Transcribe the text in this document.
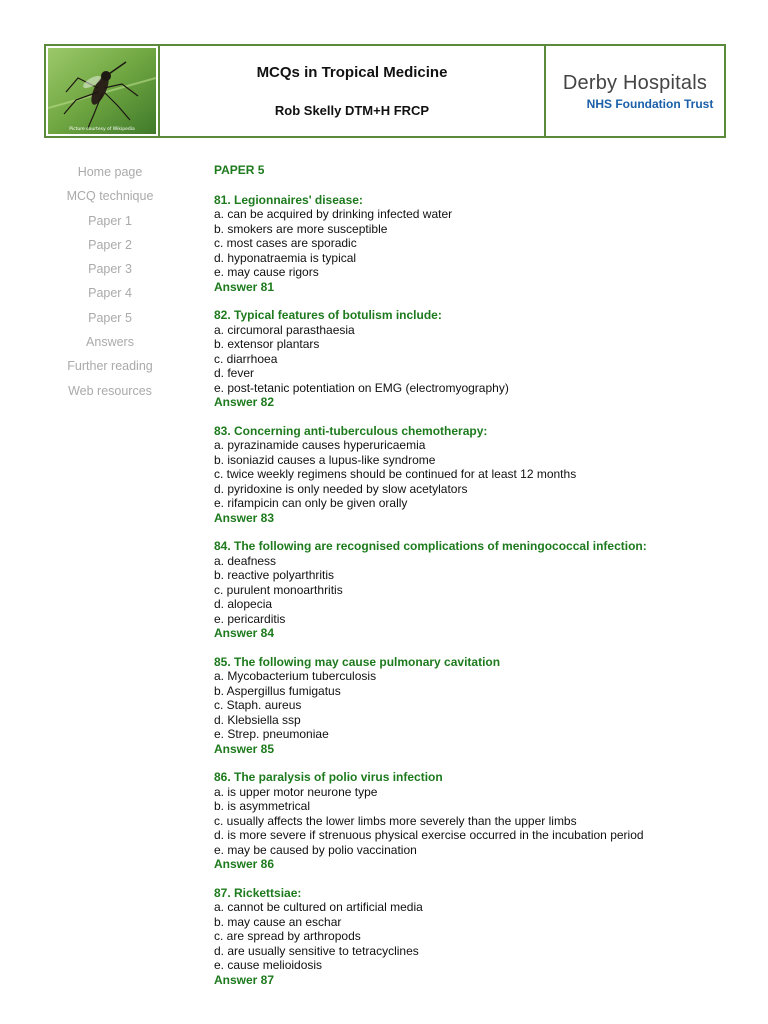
Picture courtesy of Wikipedia
MCQs in Tropical Medicine
Rob Skelly DTM+H FRCP
Derby Hospitals
NHS Foundation Trust
Home page
MCQ technique
Paper 1
Paper 2
Paper 3
Paper 4
Paper 5
Answers
Further reading
Web resources
PAPER 5
81. Legionnaires' disease:
a. can be acquired by drinking infected water
b. smokers are more susceptible
c. most cases are sporadic
d. hyponatraemia is typical
e. may cause rigors
Answer 81
82. Typical features of botulism include:
a. circumoral parasthaesia
b. extensor plantars
c. diarrhoea
d. fever
e. post-tetanic potentiation on EMG (electromyography)
Answer 82
83. Concerning anti-tuberculous chemotherapy:
a. pyrazinamide causes hyperuricaemia
b. isoniazid causes a lupus-like syndrome
c. twice weekly regimens should be continued for at least 12 months
d. pyridoxine is only needed by slow acetylators
e. rifampicin can only be given orally
Answer 83
84. The following are recognised complications of meningococcal infection:
a. deafness
b. reactive polyarthritis
c. purulent monoarthritis
d. alopecia
e. pericarditis
Answer 84
85. The following may cause pulmonary cavitation
a. Mycobacterium tuberculosis
b. Aspergillus fumigatus
c. Staph. aureus
d. Klebsiella ssp
e. Strep. pneumoniae
Answer 85
86. The paralysis of polio virus infection
a. is upper motor neurone type
b. is asymmetrical
c. usually affects the lower limbs more severely than the upper limbs
d. is more severe if strenuous physical exercise occurred in the incubation period
e. may be caused by polio vaccination
Answer 86
87. Rickettsiae:
a. cannot be cultured on artificial media
b. may cause an eschar
c. are spread by arthropods
d. are usually sensitive to tetracyclines
e. cause melioidosis
Answer 87
